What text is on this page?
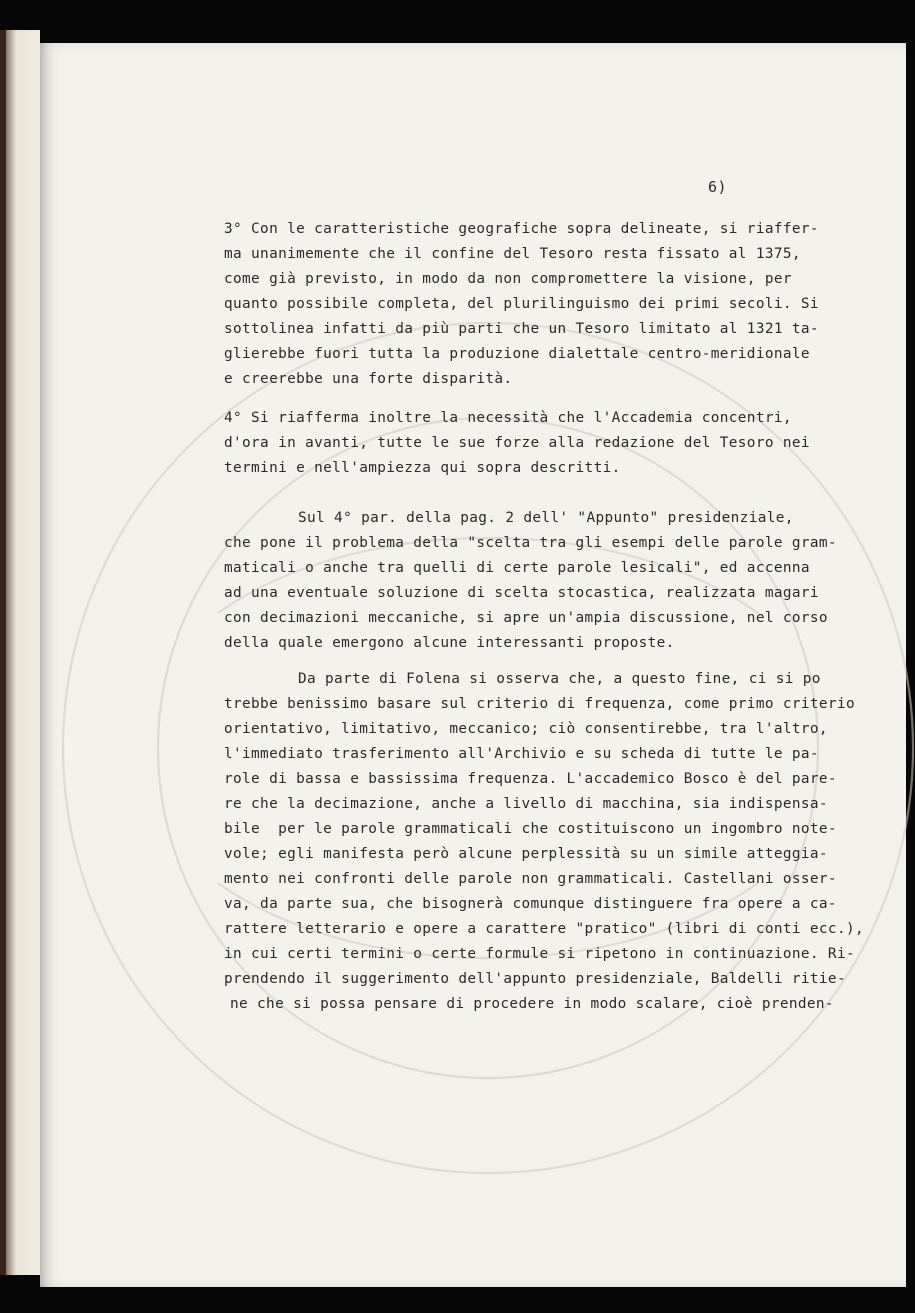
6)
3° Con le caratteristiche geografiche sopra delineate, si riaffer-
ma unanimemente che il confine del Tesoro resta fissato al 1375,
come già previsto, in modo da non compromettere la visione, per
quanto possibile completa, del plurilinguismo dei primi secoli. Si
sottolinea infatti da più parti che un Tesoro limitato al 1321 ta-
glierebbe fuori tutta la produzione dialettale centro-meridionale
e creerebbe una forte disparità.
4° Si riafferma inoltre la necessità che l'Accademia concentri,
d'ora in avanti, tutte le sue forze alla redazione del Tesoro nei
termini e nell'ampiezza qui sopra descritti.
Sul 4° par. della pag. 2 dell' "Appunto" presidenziale,
che pone il problema della "scelta tra gli esempi delle parole gram-
maticali o anche tra quelli di certe parole lesicali", ed accenna
ad una eventuale soluzione di scelta stocastica, realizzata magari
con decimazioni meccaniche, si apre un'ampia discussione, nel corso
della quale emergono alcune interessanti proposte.
Da parte di Folena si osserva che, a questo fine, ci si po
trebbe benissimo basare sul criterio di frequenza, come primo criterio
orientativo, limitativo, meccanico; ciò consentirebbe, tra l'altro,
l'immediato trasferimento all'Archivio e su scheda di tutte le pa-
role di bassa e bassissima frequenza. L'accademico Bosco è del pare-
re che la decimazione, anche a livello di macchina, sia indispensa-
bile  per le parole grammaticali che costituiscono un ingombro note-
vole; egli manifesta però alcune perplessità su un simile atteggia-
mento nei confronti delle parole non grammaticali. Castellani osser-
va, da parte sua, che bisognerà comunque distinguere fra opere a ca-
rattere letterario e opere a carattere "pratico" (libri di conti ecc.),
in cui certi termini o certe formule si ripetono in continuazione. Ri-
prendendo il suggerimento dell'appunto presidenziale, Baldelli ritie-
ne che si possa pensare di procedere in modo scalare, cioè prenden-
